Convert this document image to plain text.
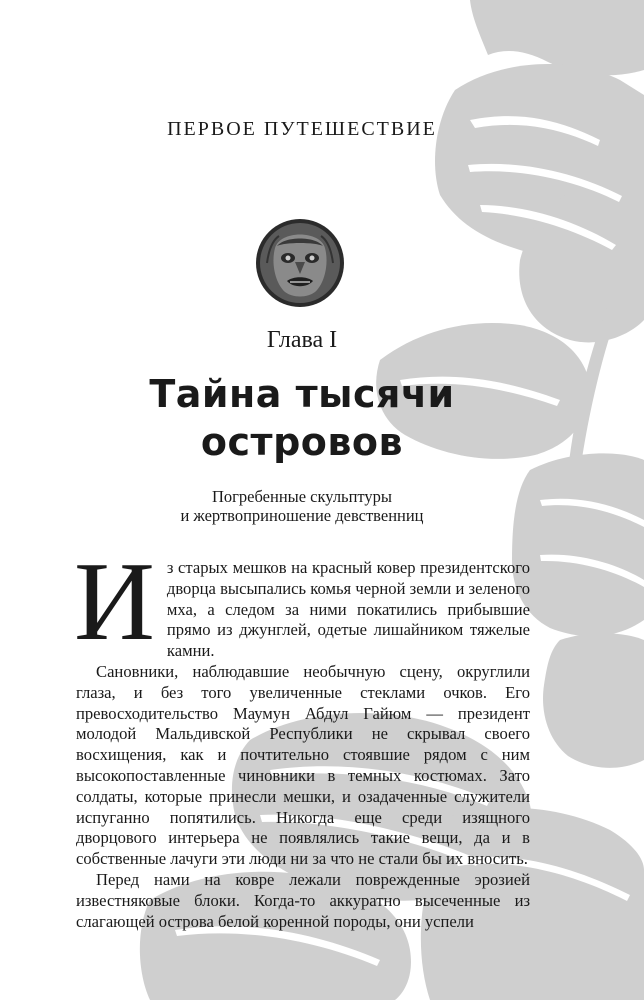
ПЕРВОЕ ПУТЕШЕСТВИЕ
Глава I
Тайна тысячи
островов
Погребенные скульптуры
и жертвоприношение девственниц
И з старых мешков на красный ковер президентского дворца высыпались комья черной земли и зеленого мха, а следом за ними покатились прибывшие прямо из джунглей, одетые лишайником тяжелые камни.

Сановники, наблюдавшие необычную сцену, округлили глаза, и без того увеличенные стеклами очков. Его превосходительство Маумун Абдул Гайюм — президент молодой Мальдивской Республики не скрывал своего восхищения, как и почтительно стоявшие рядом с ним высокопоставленные чиновники в темных костюмах. Зато солдаты, которые принесли мешки, и озадаченные служители испуганно попятились. Никогда еще среди изящного дворцового интерьера не появлялись такие вещи, да и в собственные лачуги эти люди ни за что не стали бы их вносить.

Перед нами на ковре лежали поврежденные эрозией известняковые блоки. Когда-то аккуратно высеченные из слагающей острова белой коренной породы, они успели
